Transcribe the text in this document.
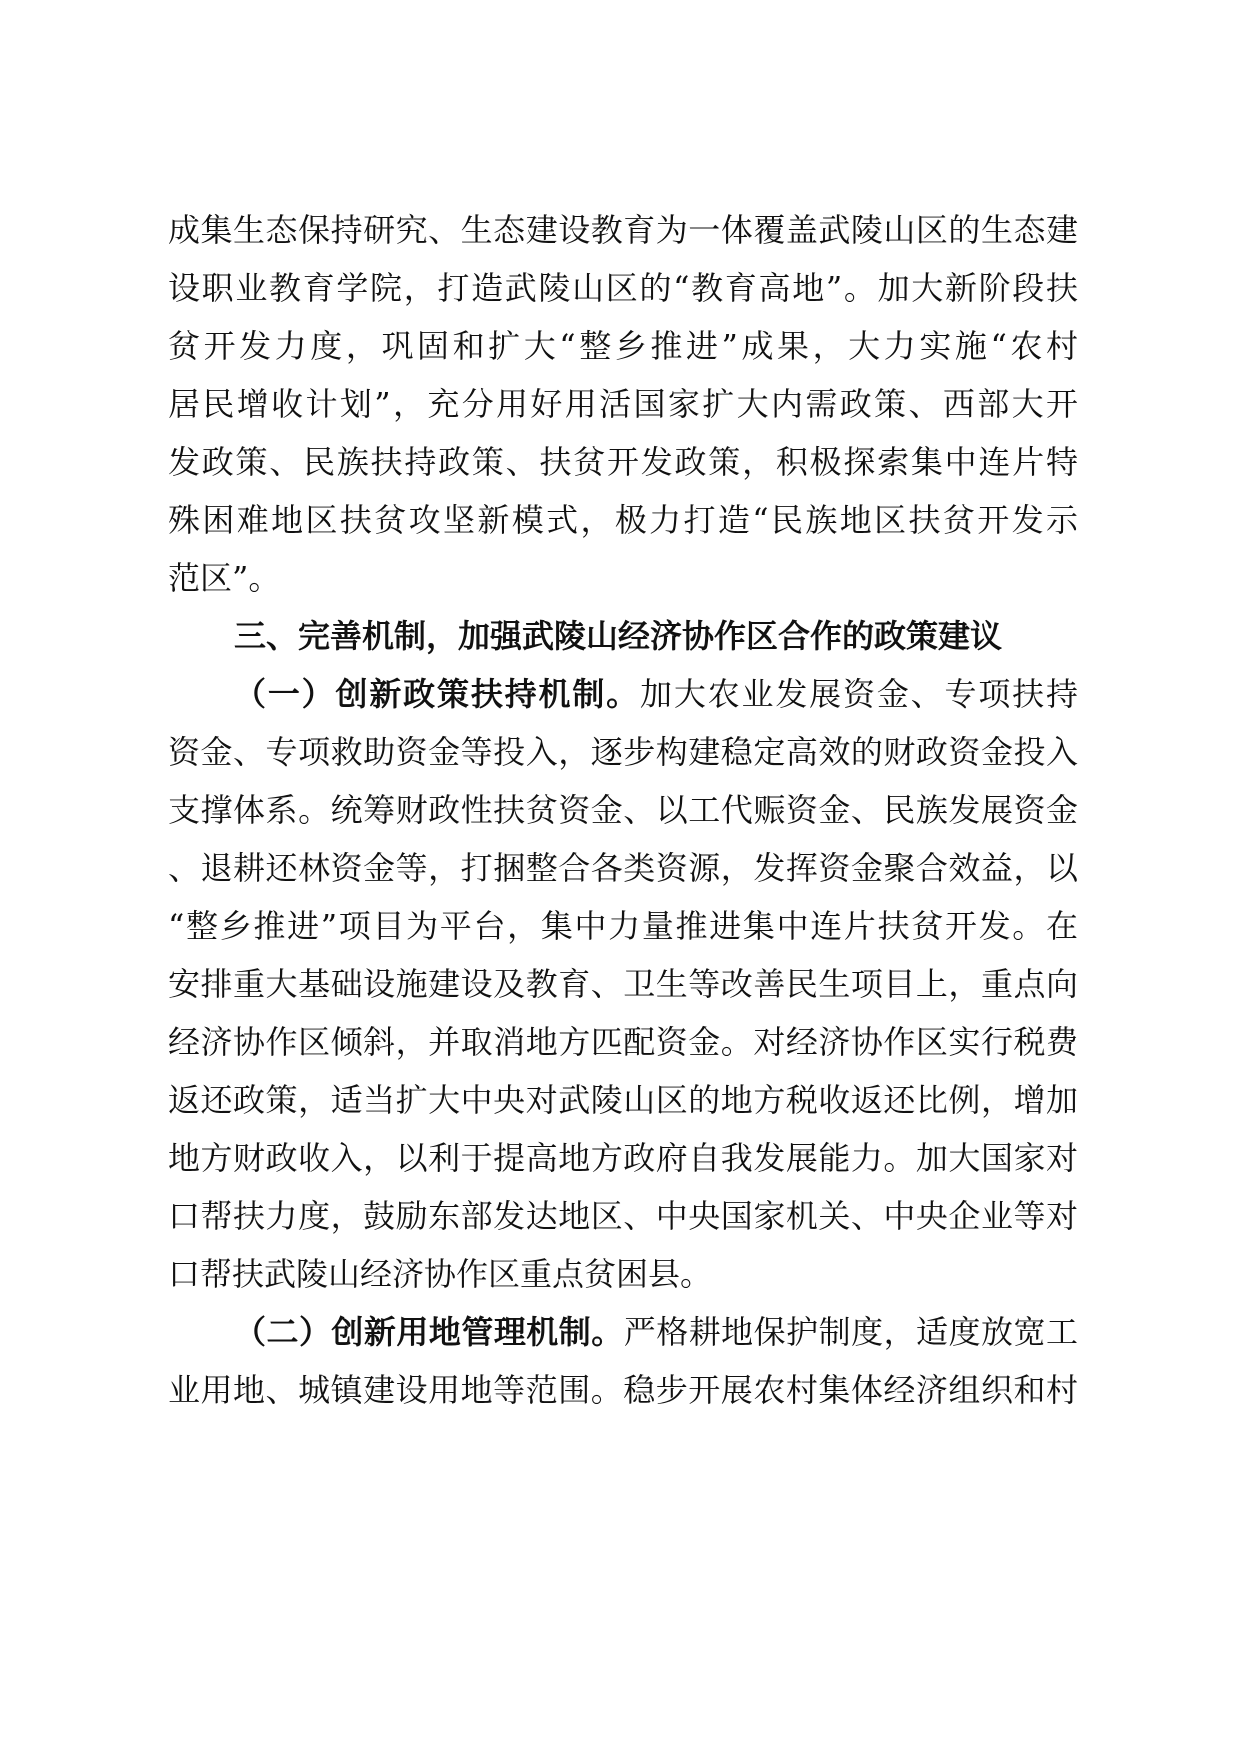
成集生态保持研究、生态建设教育为一体覆盖武陵山区的生态建
设职业教育学院，打造武陵山区的“教育高地”。加大新阶段扶
贫开发力度，巩固和扩大“整乡推进”成果，大力实施“农村
居民增收计划”，充分用好用活国家扩大内需政策、西部大开
发政策、民族扶持政策、扶贫开发政策，积极探索集中连片特
殊困难地区扶贫攻坚新模式，极力打造“民族地区扶贫开发示
范区”。
三、完善机制，加强武陵山经济协作区合作的政策建议
（一）创新政策扶持机制。加大农业发展资金、专项扶持
资金、专项救助资金等投入，逐步构建稳定高效的财政资金投入
支撑体系。统筹财政性扶贫资金、以工代赈资金、民族发展资金
、退耕还林资金等，打捆整合各类资源，发挥资金聚合效益，以
“整乡推进”项目为平台，集中力量推进集中连片扶贫开发。在
安排重大基础设施建设及教育、卫生等改善民生项目上，重点向
经济协作区倾斜，并取消地方匹配资金。对经济协作区实行税费
返还政策，适当扩大中央对武陵山区的地方税收返还比例，增加
地方财政收入，以利于提高地方政府自我发展能力。加大国家对
口帮扶力度，鼓励东部发达地区、中央国家机关、中央企业等对
口帮扶武陵山经济协作区重点贫困县。
（二）创新用地管理机制。严格耕地保护制度，适度放宽工
业用地、城镇建设用地等范围。稳步开展农村集体经济组织和村
